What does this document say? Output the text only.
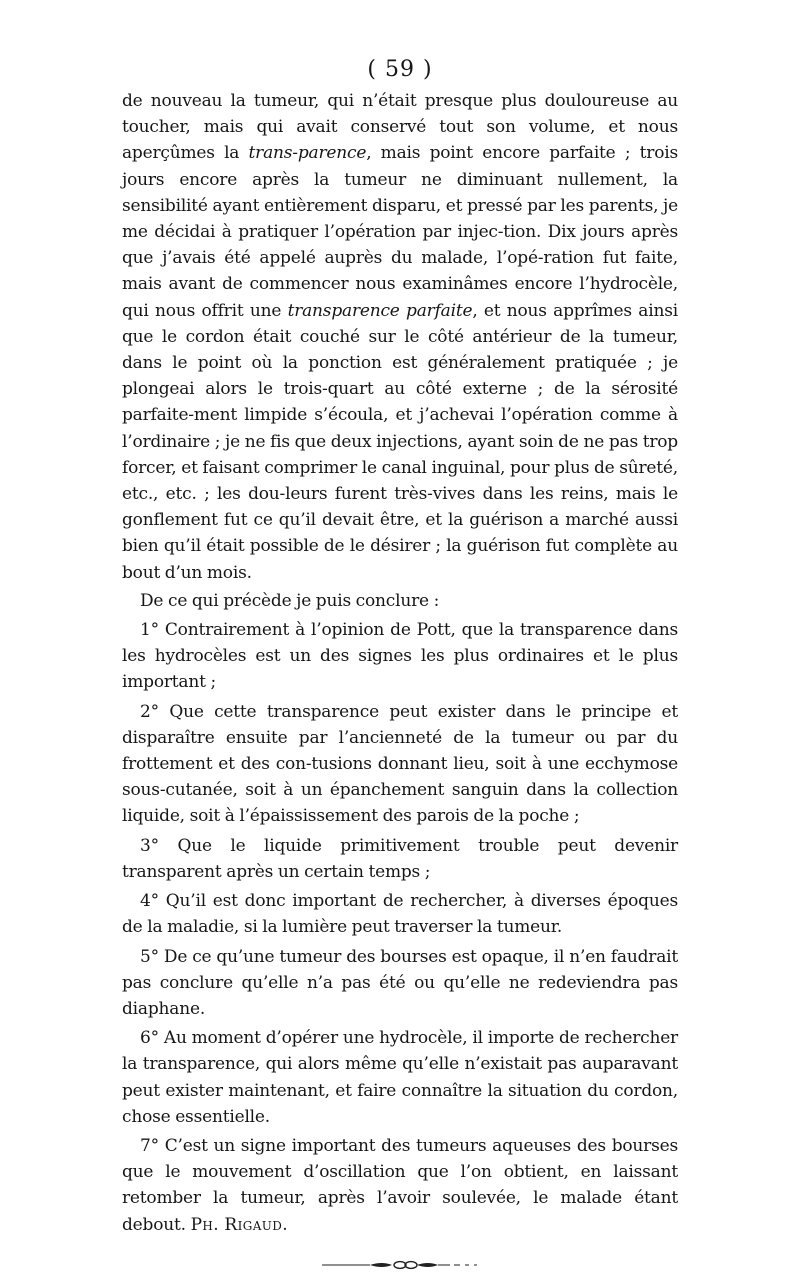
( 59 )

de nouveau la tumeur, qui n’était presque plus douloureuse au toucher, mais qui avait conservé tout son volume, et nous aperçûmes la trans-parence, mais point encore parfaite ; trois jours encore après la tumeur ne diminuant nullement, la sensibilité ayant entièrement disparu, et pressé par les parents, je me décidai à pratiquer l’opération par injec-tion. Dix jours après que j’avais été appelé auprès du malade, l’opé-ration fut faite, mais avant de commencer nous examinâmes encore l’hydrocèle, qui nous offrit une transparence parfaite, et nous apprîmes ainsi que le cordon était couché sur le côté antérieur de la tumeur, dans le point où la ponction est généralement pratiquée ; je plongeai alors le trois-quart au côté externe ; de la sérosité parfaite-ment limpide s’écoula, et j’achevai l’opération comme à l’ordinaire ; je ne fis que deux injections, ayant soin de ne pas trop forcer, et faisant comprimer le canal inguinal, pour plus de sûreté, etc., etc. ; les dou-leurs furent très-vives dans les reins, mais le gonflement fut ce qu’il devait être, et la guérison a marché aussi bien qu’il était possible de le désirer ; la guérison fut complète au bout d’un mois.

De ce qui précède je puis conclure :

1° Contrairement à l’opinion de Pott, que la transparence dans les hydrocèles est un des signes les plus ordinaires et le plus important ;

2° Que cette transparence peut exister dans le principe et disparaître ensuite par l’ancienneté de la tumeur ou par du frottement et des con-tusions donnant lieu, soit à une ecchymose sous-cutanée, soit à un épanchement sanguin dans la collection liquide, soit à l’épaississement des parois de la poche ;

3° Que le liquide primitivement trouble peut devenir transparent après un certain temps ;

4° Qu’il est donc important de rechercher, à diverses époques de la maladie, si la lumière peut traverser la tumeur.

5° De ce qu’une tumeur des bourses est opaque, il n’en faudrait pas conclure qu’elle n’a pas été ou qu’elle ne redeviendra pas diaphane.

6° Au moment d’opérer une hydrocèle, il importe de rechercher la transparence, qui alors même qu’elle n’existait pas auparavant peut exister maintenant, et faire connaître la situation du cordon, chose essentielle.

7° C’est un signe important des tumeurs aqueuses des bourses que le mouvement d’oscillation que l’on obtient, en laissant retomber la tumeur, après l’avoir soulevée, le malade étant debout. Ph. Rigaud.
